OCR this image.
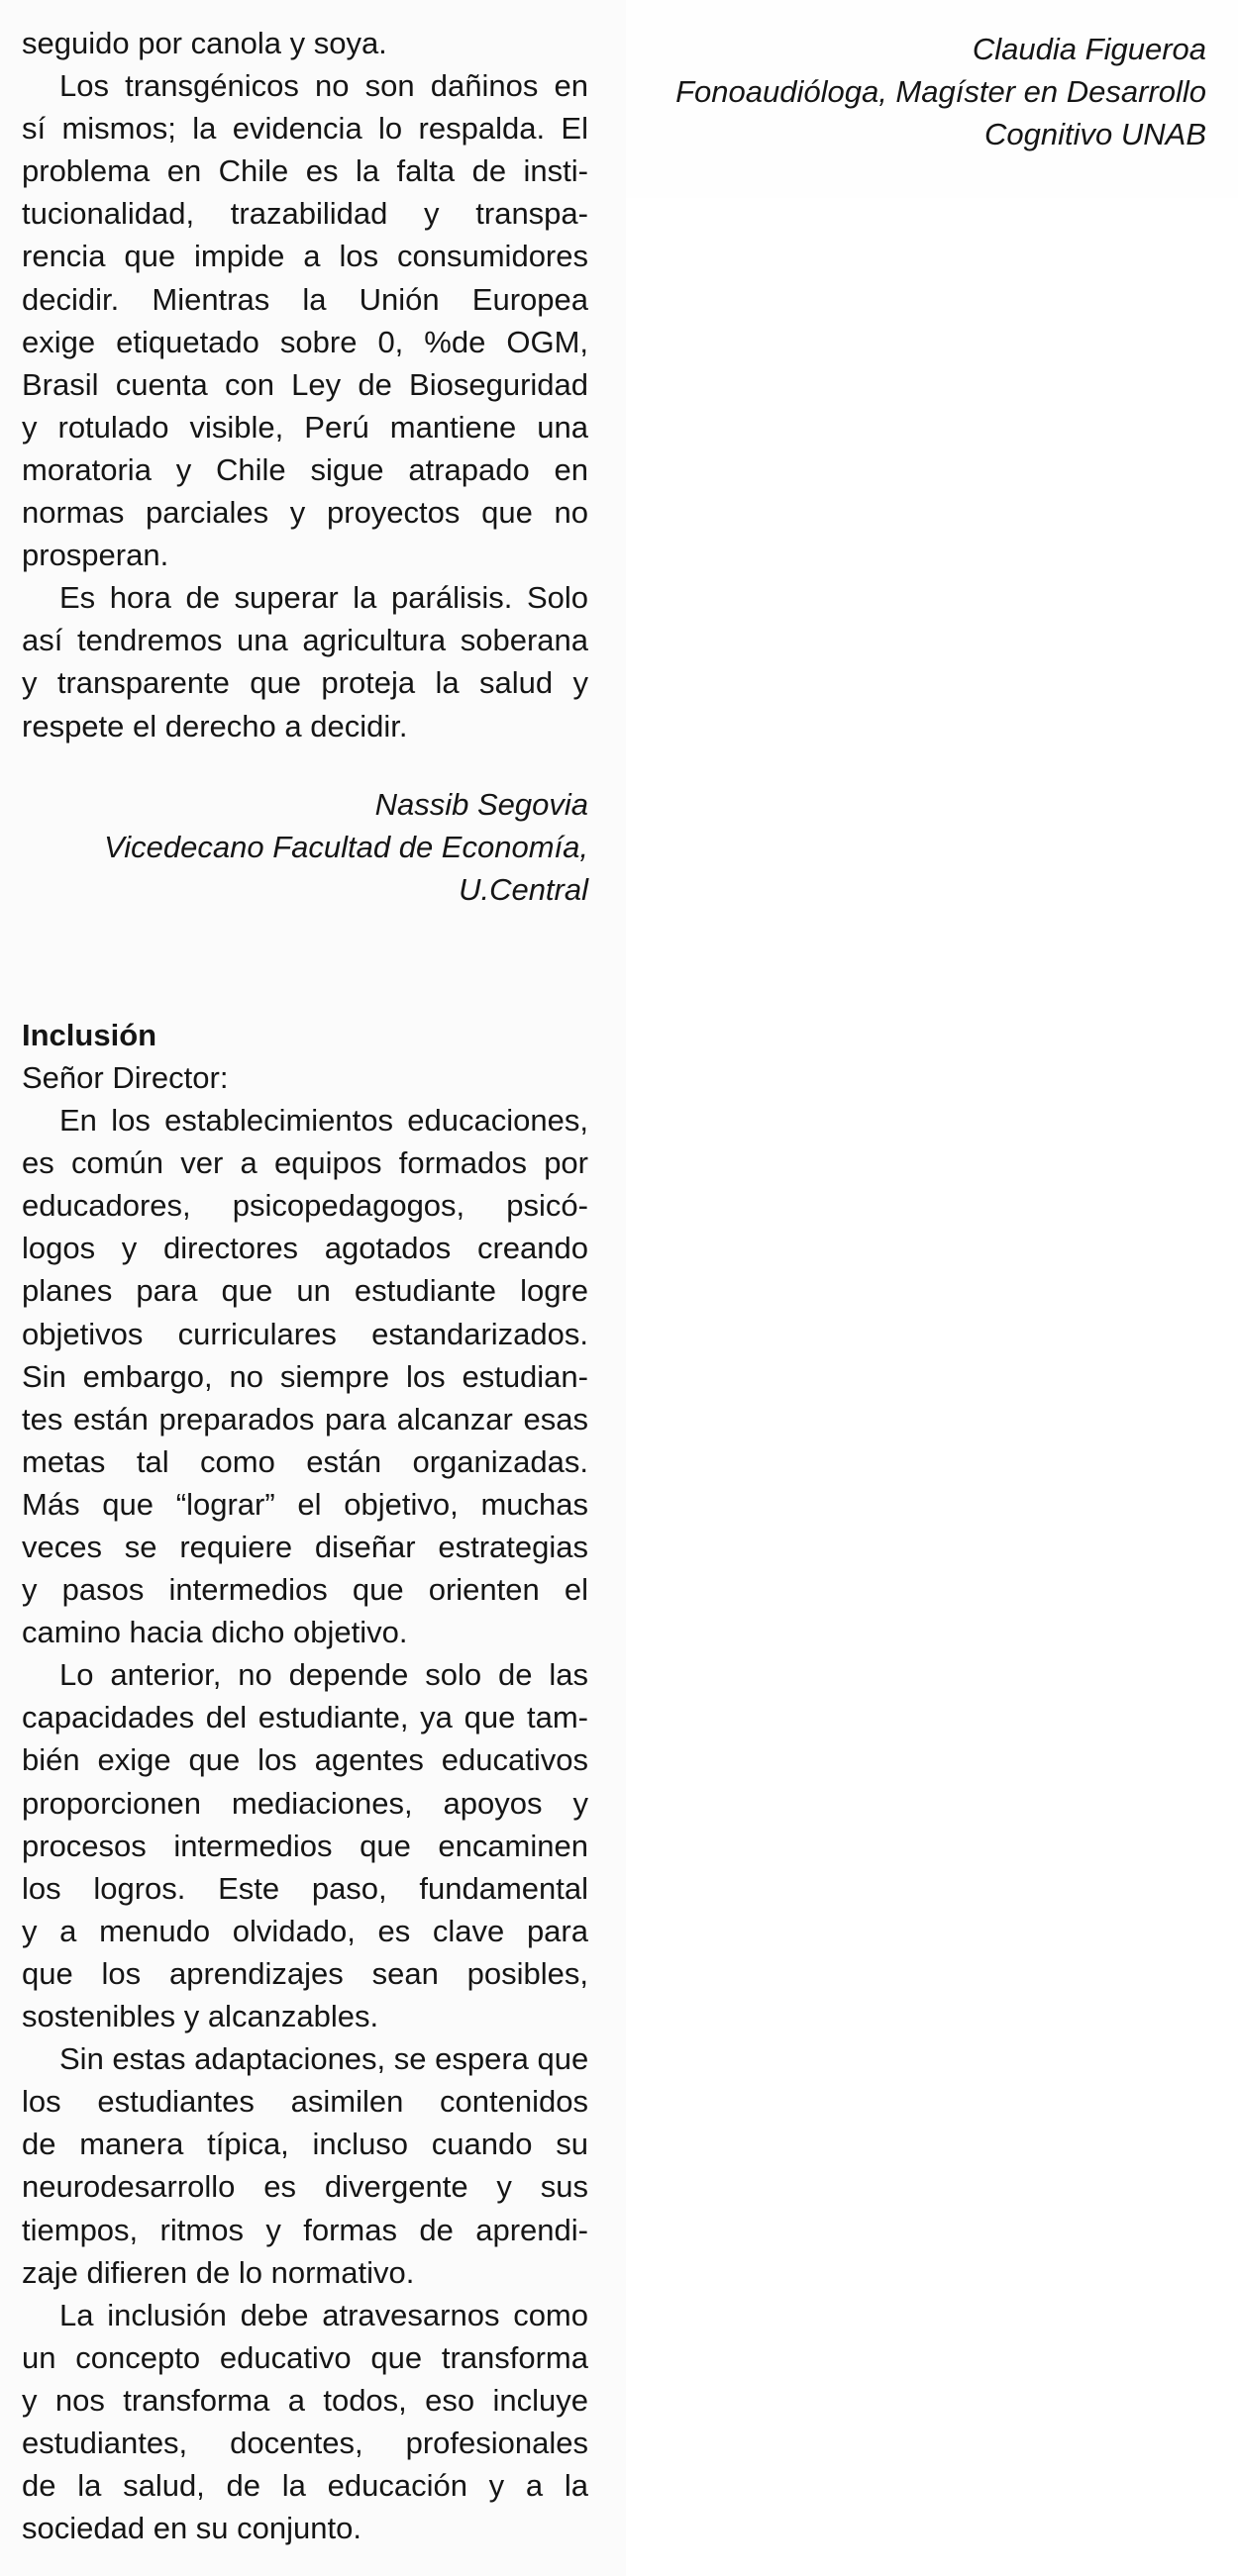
seguido por canola y soya.
Los transgénicos no son dañinos en
sí mismos; la evidencia lo respalda. El
problema en Chile es la falta de insti-
tucionalidad, trazabilidad y transpa-
rencia que impide a los consumidores
decidir. Mientras la Unión Europea
exige etiquetado sobre 0, %de OGM,
Brasil cuenta con Ley de Bioseguridad
y rotulado visible, Perú mantiene una
moratoria y Chile sigue atrapado en
normas parciales y proyectos que no
prosperan.
Es hora de superar la parálisis. Solo
así tendremos una agricultura soberana
y transparente que proteja la salud y
respete el derecho a decidir.
Nassib Segovia
Vicedecano Facultad de Economía,
U.Central
Inclusión
Señor Director:
En los establecimientos educaciones,
es común ver a equipos formados por
educadores, psicopedagogos, psicó-
logos y directores agotados creando
planes para que un estudiante logre
objetivos curriculares estandarizados.
Sin embargo, no siempre los estudian-
tes están preparados para alcanzar esas
metas tal como están organizadas.
Más que “lograr” el objetivo, muchas
veces se requiere diseñar estrategias
y pasos intermedios que orienten el
camino hacia dicho objetivo.
Lo anterior, no depende solo de las
capacidades del estudiante, ya que tam-
bién exige que los agentes educativos
proporcionen mediaciones, apoyos y
procesos intermedios que encaminen
los logros. Este paso, fundamental
y a menudo olvidado, es clave para
que los aprendizajes sean posibles,
sostenibles y alcanzables.
Sin estas adaptaciones, se espera que
los estudiantes asimilen contenidos
de manera típica, incluso cuando su
neurodesarrollo es divergente y sus
tiempos, ritmos y formas de aprendi-
zaje difieren de lo normativo.
La inclusión debe atravesarnos como
un concepto educativo que transforma
y nos transforma a todos, eso incluye
estudiantes, docentes, profesionales
de la salud, de la educación y a la
sociedad en su conjunto.
Claudia Figueroa
Fonoaudióloga, Magíster en Desarrollo
Cognitivo UNAB
